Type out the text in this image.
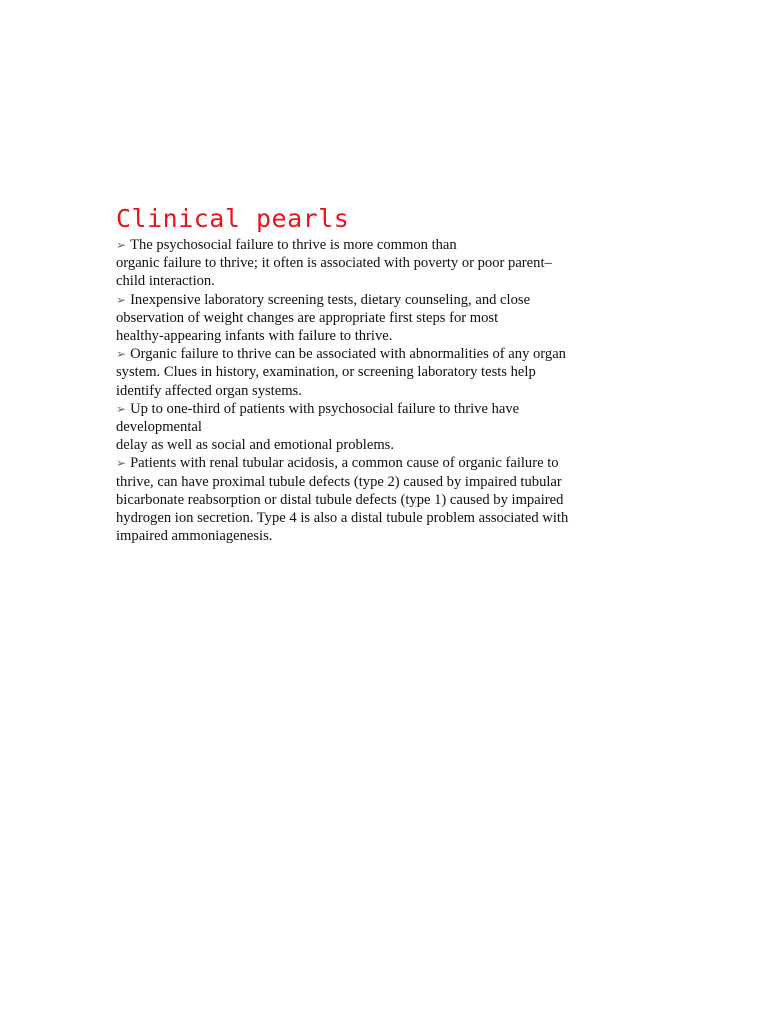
Clinical pearls

➢ The psychosocial failure to thrive is more common than

organic failure to thrive; it often is associated with poverty or poor parent–

child interaction.

➢ Inexpensive laboratory screening tests, dietary counseling, and close

observation of weight changes are appropriate first steps for most

healthy-appearing infants with failure to thrive.

➢ Organic failure to thrive can be associated with abnormalities of any organ

system. Clues in history, examination, or screening laboratory tests help

identify affected organ systems.

➢ Up to one-third of patients with psychosocial failure to thrive have

developmental

delay as well as social and emotional problems.

➢ Patients with renal tubular acidosis, a common cause of organic failure to

thrive, can have proximal tubule defects (type 2) caused by impaired tubular

bicarbonate reabsorption or distal tubule defects (type 1) caused by impaired

hydrogen ion secretion. Type 4 is also a distal tubule problem associated with

impaired ammoniagenesis.
